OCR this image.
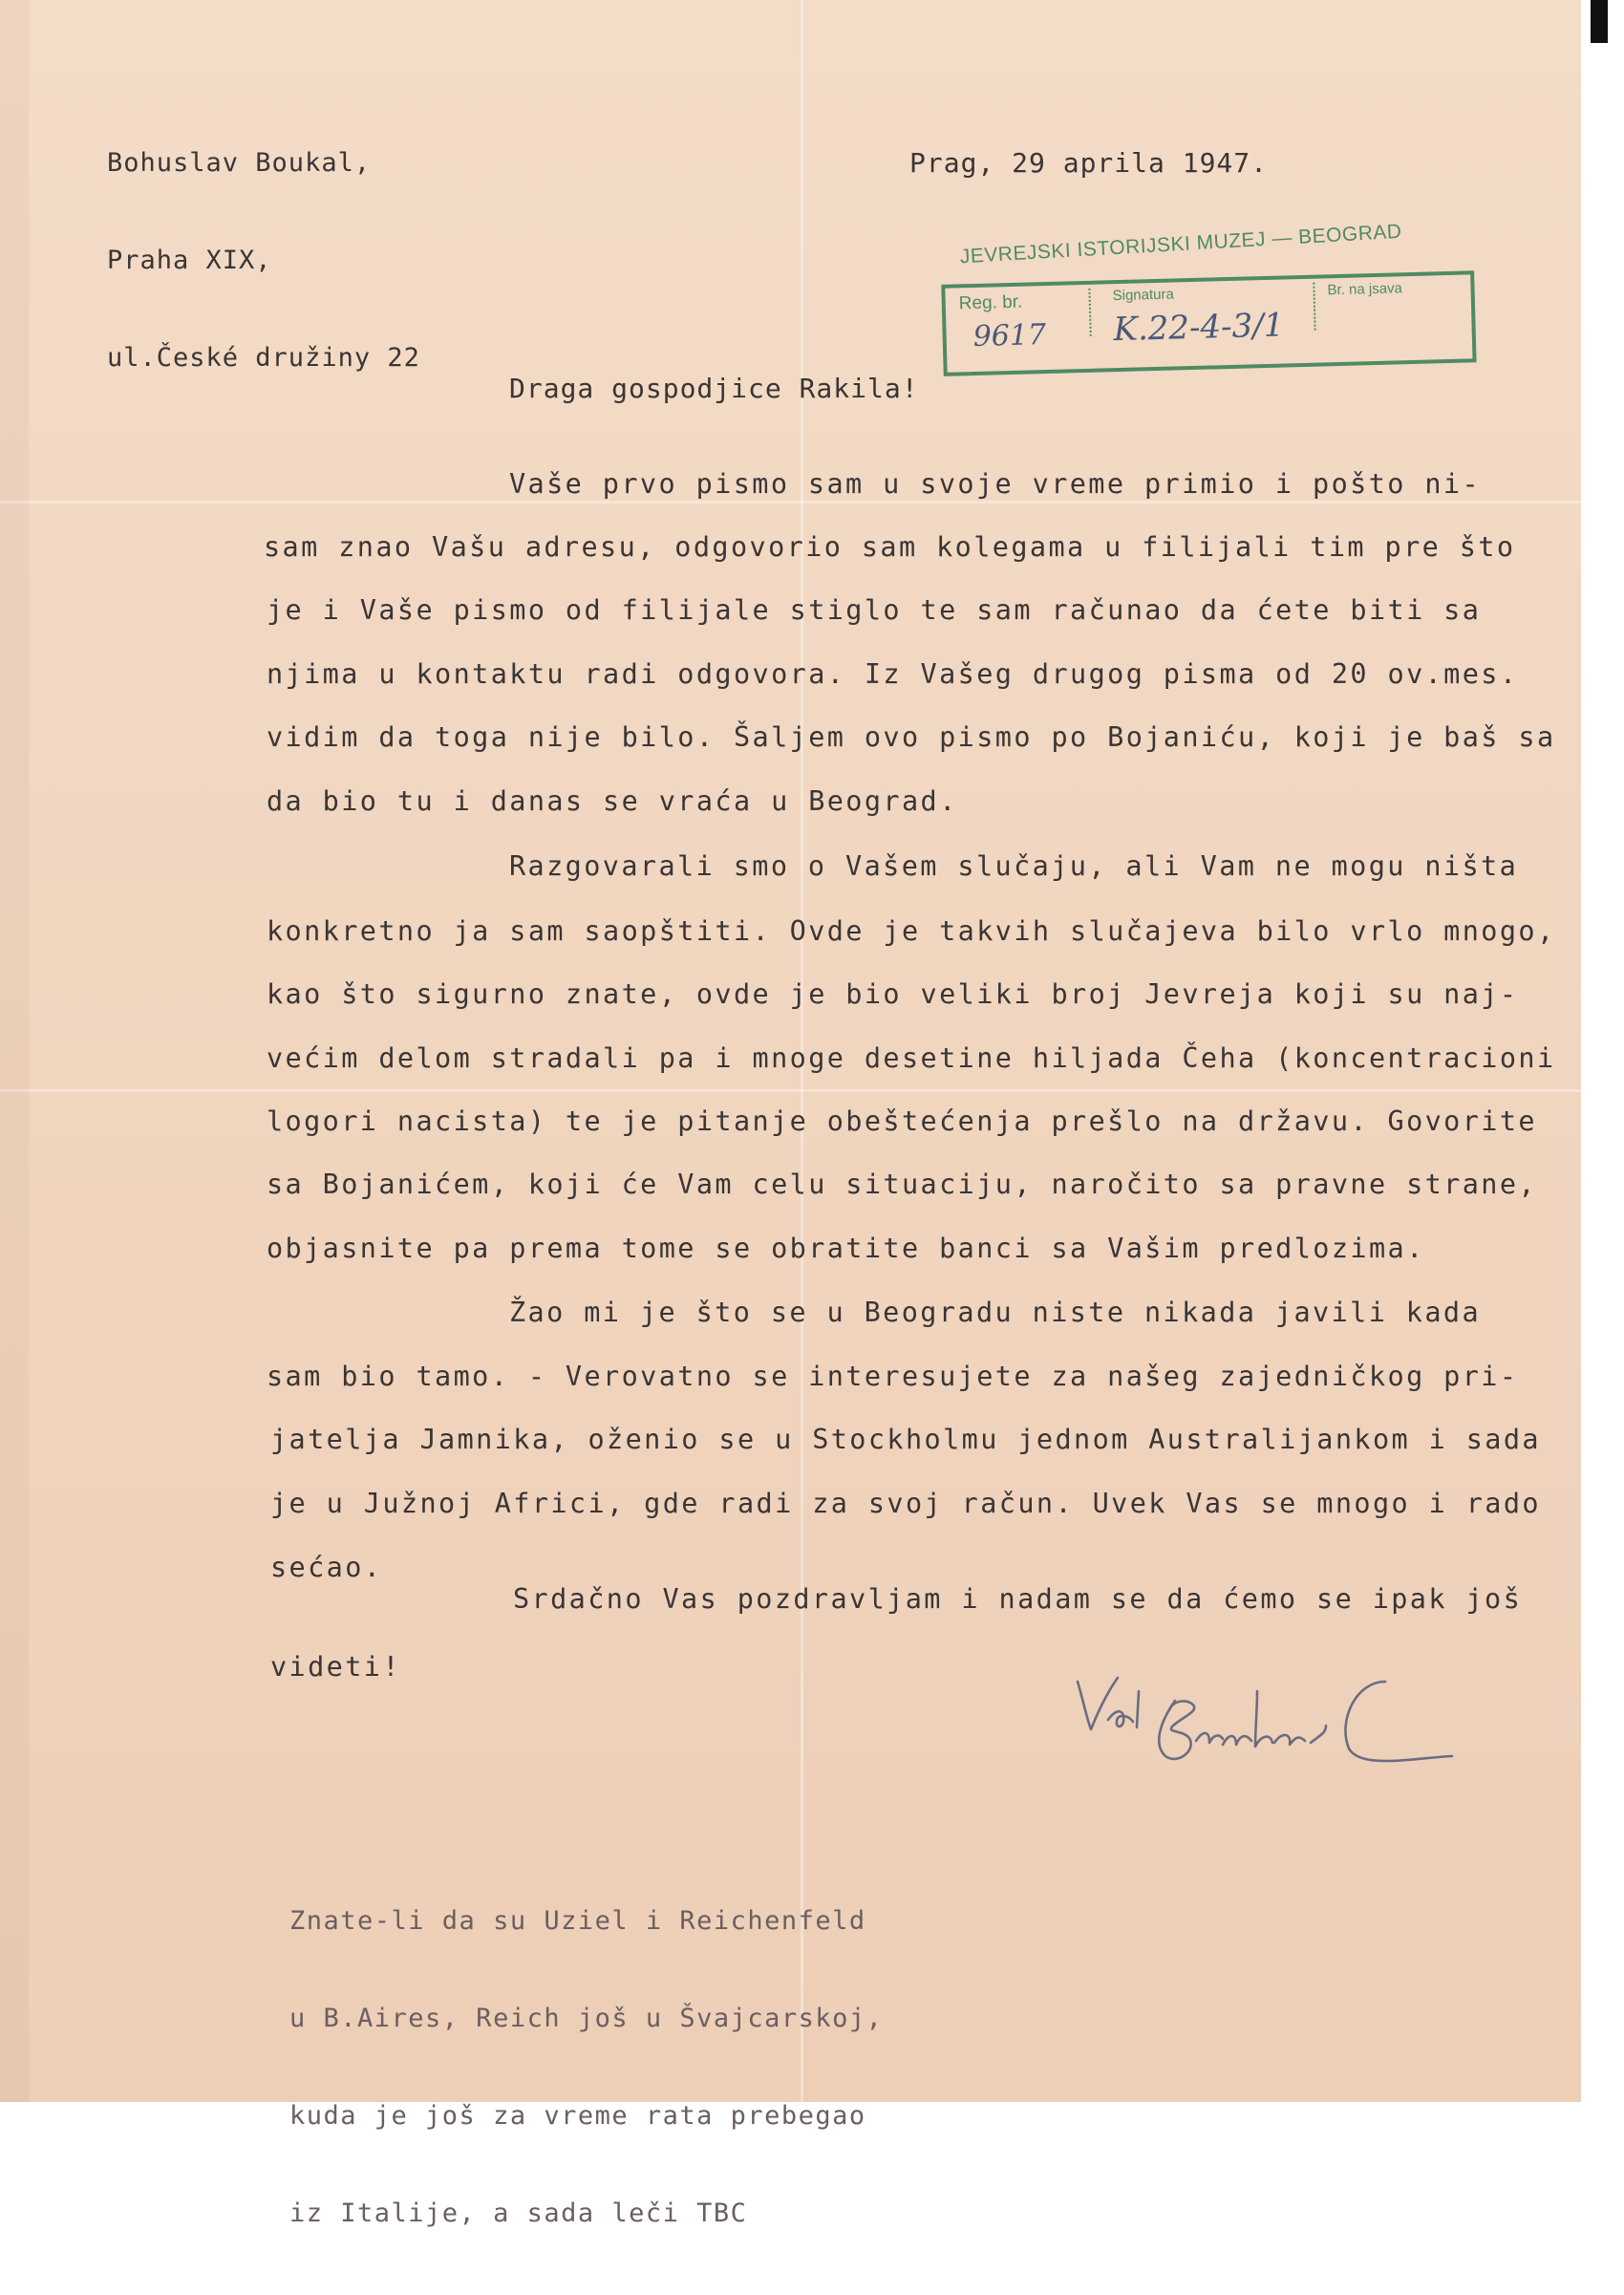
Bohuslav Boukal,

Praha XIX,

ul.České družiny 22

Prag, 29 aprila 1947.
JEVREJSKI ISTORIJSKI MUZEJ — BEOGRAD
Reg. br.	Signatura	Br. na jsava
9617 K.22-4-3/1
Draga gospodjice Rakila!
Vaše prvo pismo sam u svoje vreme primio i pošto ni-
sam znao Vašu adresu, odgovorio sam kolegama u filijali tim pre što
je i Vaše pismo od filijale stiglo te sam računao da ćete biti sa
njima u kontaktu radi odgovora. Iz Vašeg drugog pisma od 20 ov.mes.
vidim da toga nije bilo. Šaljem ovo pismo po Bojaniću, koji je baš sa
da bio tu i danas se vraća u Beograd.
Razgovarali smo o Vašem slučaju, ali Vam ne mogu ništa
konkretno ja sam saopštiti. Ovde je takvih slučajeva bilo vrlo mnogo,
kao što sigurno znate, ovde je bio veliki broj Jevreja koji su naj-
većim delom stradali pa i mnoge desetine hiljada Čeha (koncentracioni
logori nacista) te je pitanje obeštećenja prešlo na državu. Govorite
sa Bojanićem, koji će Vam celu situaciju, naročito sa pravne strane,
objasnite pa prema tome se obratite banci sa Vašim predlozima.
Žao mi je što se u Beogradu niste nikada javili kada
sam bio tamo. - Verovatno se interesujete za našeg zajedničkog pri-
jatelja Jamnika, oženio se u Stockholmu jednom Australijankom i sada
je u Južnoj Africi, gde radi za svoj račun. Uvek Vas se mnogo i rado
sećao.
Srdačno Vas pozdravljam i nadam se da ćemo se ipak još
videti!

Znate-li da su Uziel i Reichenfeld

u B.Aires, Reich još u Švajcarskoj,

kuda je još za vreme rata prebegao

iz Italije, a sada leči TBC
